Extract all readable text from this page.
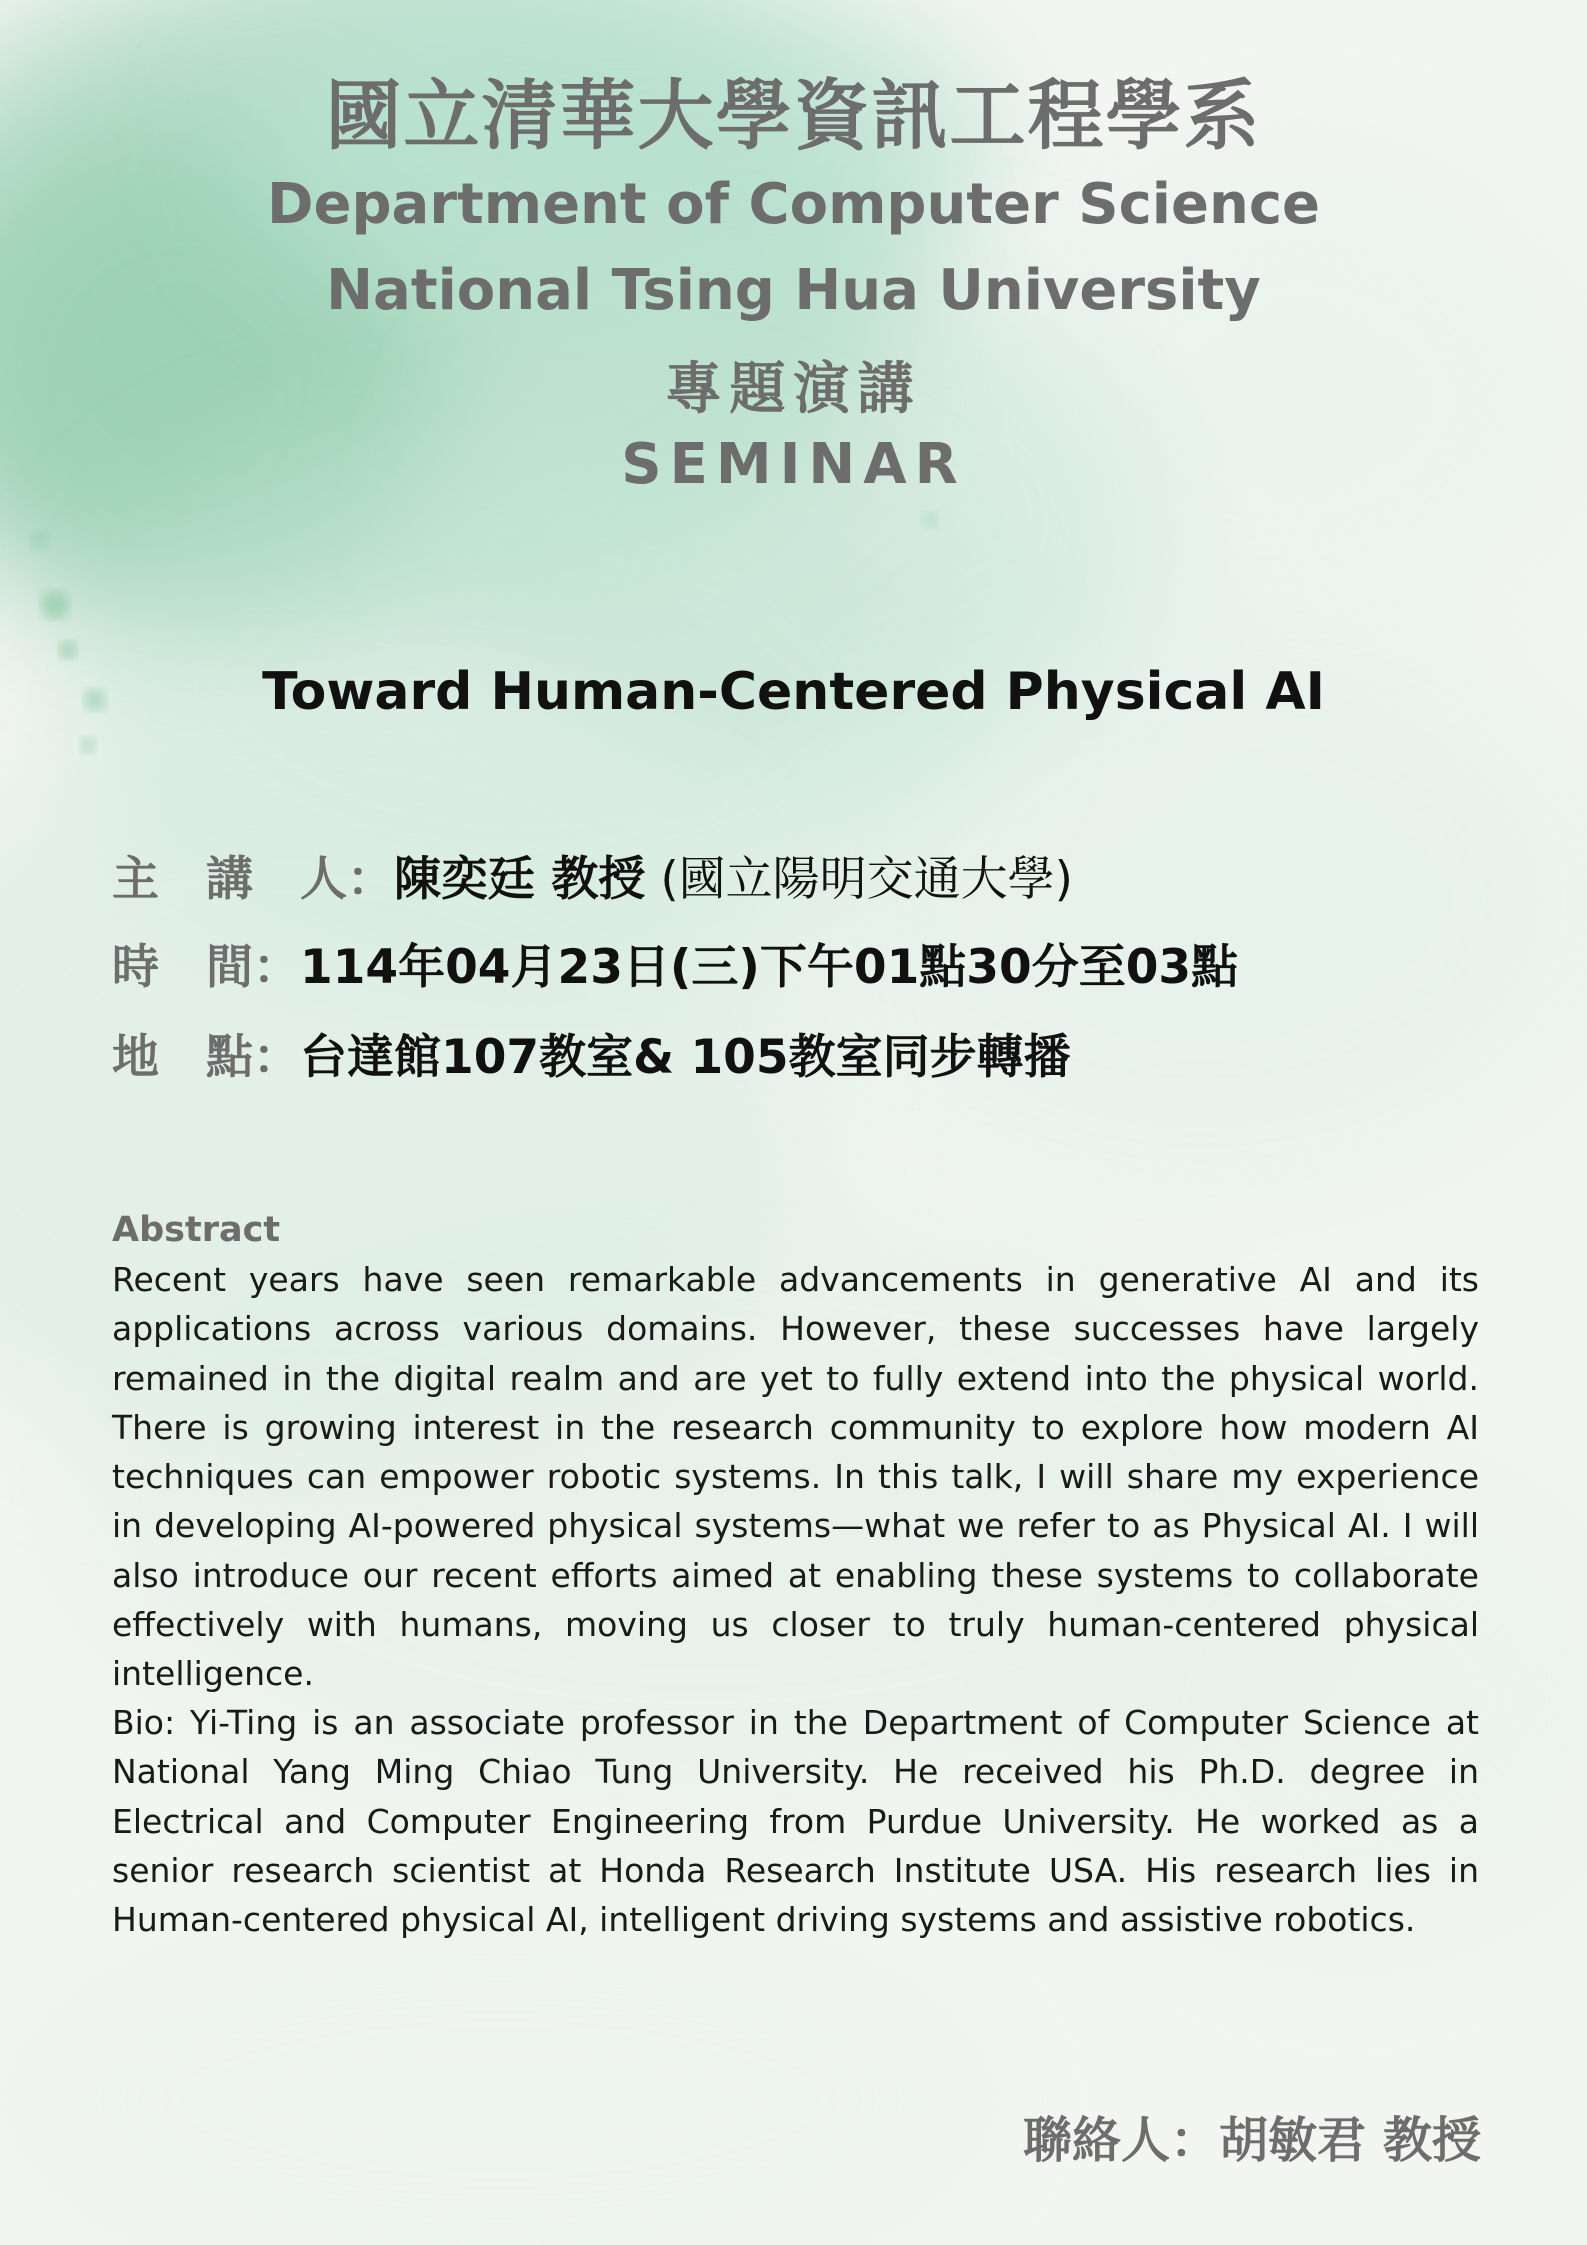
國立清華大學資訊工程學系
Department of Computer Science
National Tsing Hua University
專題演講
SEMINAR
Toward Human-Centered Physical AI
主　講　人：陳奕廷 教授 (國立陽明交通大學)
時　間：114年04月23日(三)下午01點30分至03點
地　點：台達館107教室& 105教室同步轉播
Abstract

Recent years have seen remarkable advancements in generative AI and its applications across various domains. However, these successes have largely remained in the digital realm and are yet to fully extend into the physical world. There is growing interest in the research community to explore how modern AI techniques can empower robotic systems. In this talk, I will share my experience in developing AI-powered physical systems—what we refer to as Physical AI. I will also introduce our recent efforts aimed at enabling these systems to collaborate effectively with humans, moving us closer to truly human-centered physical intelligence.

Bio: Yi-Ting is an associate professor in the Department of Computer Science at National Yang Ming Chiao Tung University. He received his Ph.D. degree in Electrical and Computer Engineering from Purdue University. He worked as a senior research scientist at Honda Research Institute USA. His research lies in Human-centered physical AI, intelligent driving systems and assistive robotics.

聯絡人：胡敏君 教授
